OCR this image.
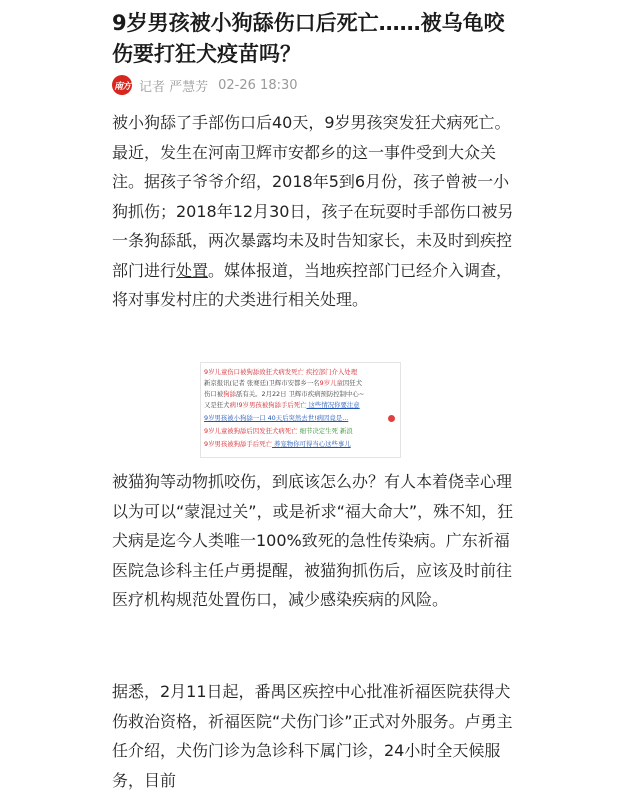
9岁男孩被小狗舔伤口后死亡……被乌龟咬伤要打狂犬疫苗吗？
南方 记者 严慧芳 02-26 18:30

被小狗舔了手部伤口后40天，9岁男孩突发狂犬病死亡。最近，发生在河南卫辉市安都乡的这一事件受到大众关注。据孩子爷爷介绍，2018年5到6月份，孩子曾被一小狗抓伤；2018年12月30日，孩子在玩耍时手部伤口被另一条狗舔舐，两次暴露均未及时告知家长，未及时到疾控部门进行处置。媒体报道，当地疾控部门已经介入调查，将对事发村庄的犬类进行相关处理。

9岁儿童伤口被狗舔致狂犬病发死亡 疾控部门介入处理
新京报讯(记者 张赛廷)卫辉市安都乡一名9岁儿童因狂犬
伤口被狗舔舐有关。2月22日 卫辉市疾病预防控制中心~
又是狂犬病!9岁男孩被狗舔手后死亡 这些情况你要注意
9岁男孩被小狗舔一口 40天后突然去世!病因竟是...
9岁儿童被狗舔后因发狂犬病死亡 细节决定生死 新浪
9岁男孩被狗舔手后死亡 养宠物你可得当心这些事儿

被猫狗等动物抓咬伤，到底该怎么办？有人本着侥幸心理以为可以“蒙混过关”，或是祈求“福大命大”，殊不知，狂犬病是迄今人类唯一100%致死的急性传染病。广东祈福医院急诊科主任卢勇提醒，被猫狗抓伤后，应该及时前往医疗机构规范处置伤口，减少感染疾病的风险。

据悉，2月11日起，番禺区疾控中心批准祈福医院获得犬伤救治资格，祈福医院“犬伤门诊”正式对外服务。卢勇主任介绍，犬伤门诊为急诊科下属门诊，24小时全天候服务，目前
